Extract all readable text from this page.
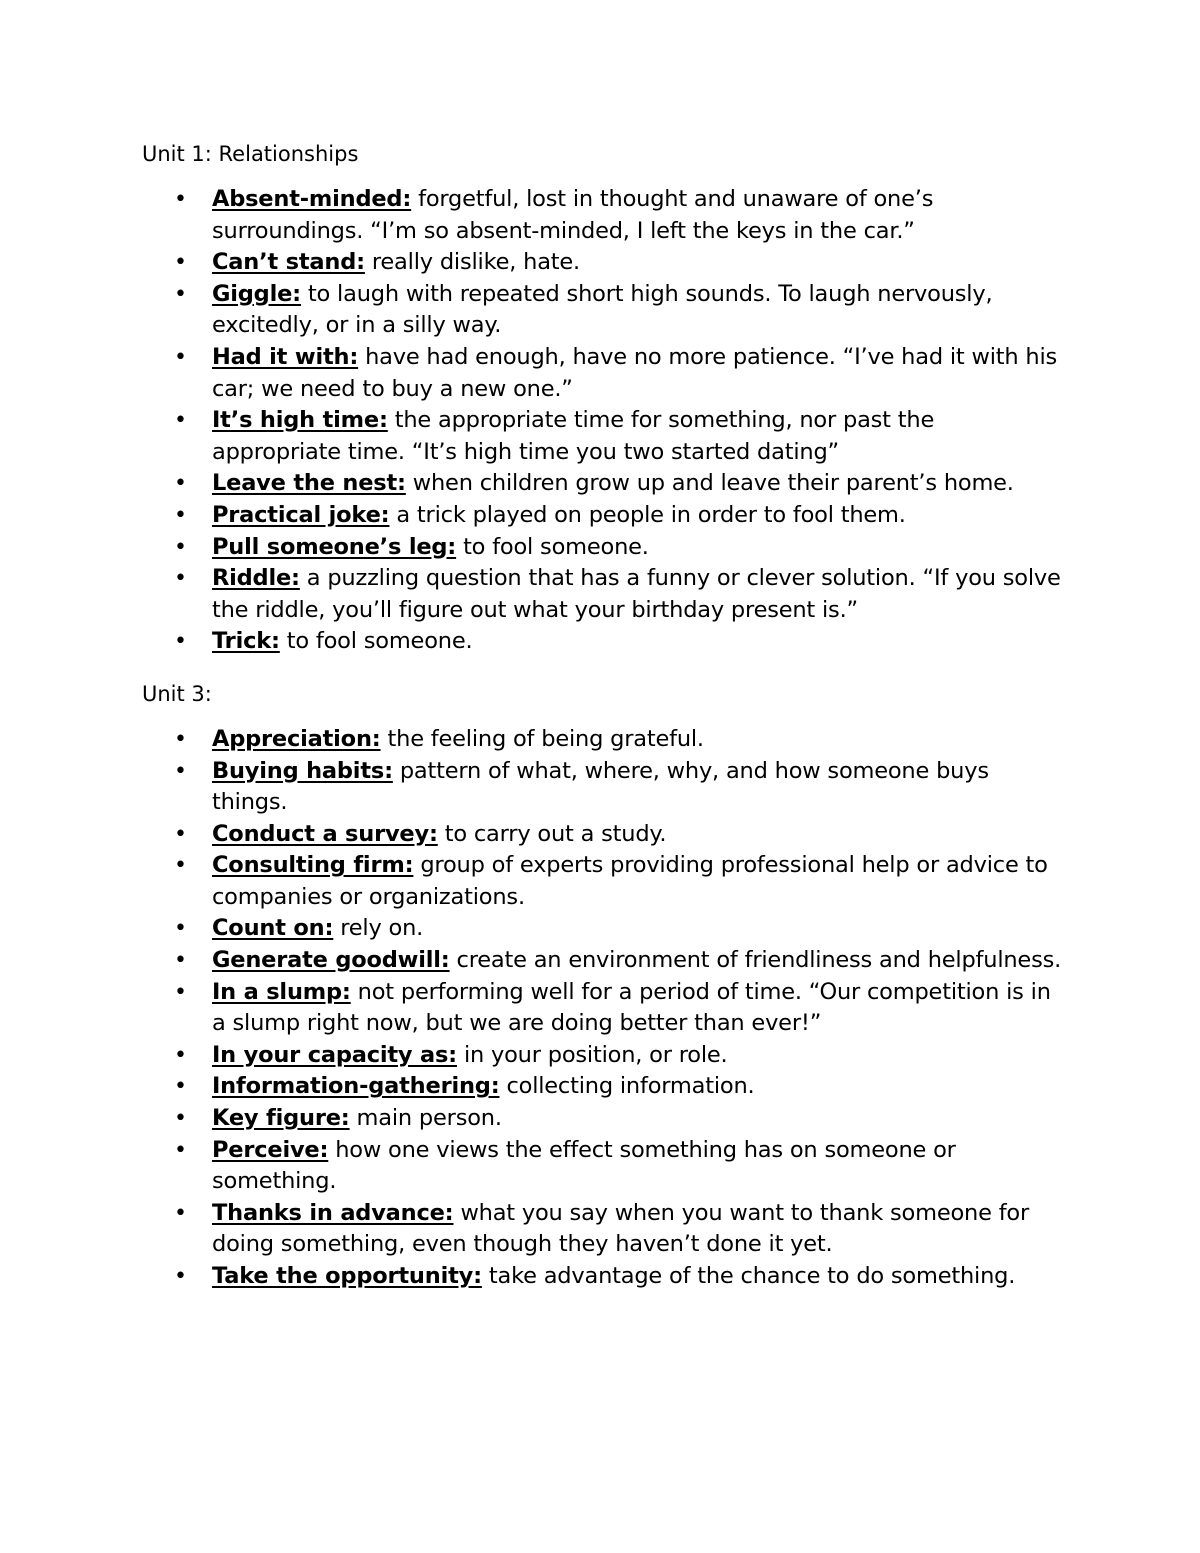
Unit 1: Relationships

• Absent-minded: forgetful, lost in thought and unaware of one’s surroundings. “I’m so absent-minded, I left the keys in the car.”
• Can’t stand: really dislike, hate.
• Giggle: to laugh with repeated short high sounds. To laugh nervously, excitedly, or in a silly way.
• Had it with: have had enough, have no more patience. “I’ve had it with his car; we need to buy a new one.”
• It’s high time: the appropriate time for something, nor past the appropriate time. “It’s high time you two started dating”
• Leave the nest: when children grow up and leave their parent’s home.
• Practical joke: a trick played on people in order to fool them.
• Pull someone’s leg: to fool someone.
• Riddle: a puzzling question that has a funny or clever solution. “If you solve the riddle, you’ll figure out what your birthday present is.”
• Trick: to fool someone.

Unit 3:

• Appreciation: the feeling of being grateful.
• Buying habits: pattern of what, where, why, and how someone buys things.
• Conduct a survey: to carry out a study.
• Consulting firm: group of experts providing professional help or advice to companies or organizations.
• Count on: rely on.
• Generate goodwill: create an environment of friendliness and helpfulness.
• In a slump: not performing well for a period of time. “Our competition is in a slump right now, but we are doing better than ever!”
• In your capacity as: in your position, or role.
• Information-gathering: collecting information.
• Key figure: main person.
• Perceive: how one views the effect something has on someone or something.
• Thanks in advance: what you say when you want to thank someone for doing something, even though they haven’t done it yet.
• Take the opportunity: take advantage of the chance to do something.
